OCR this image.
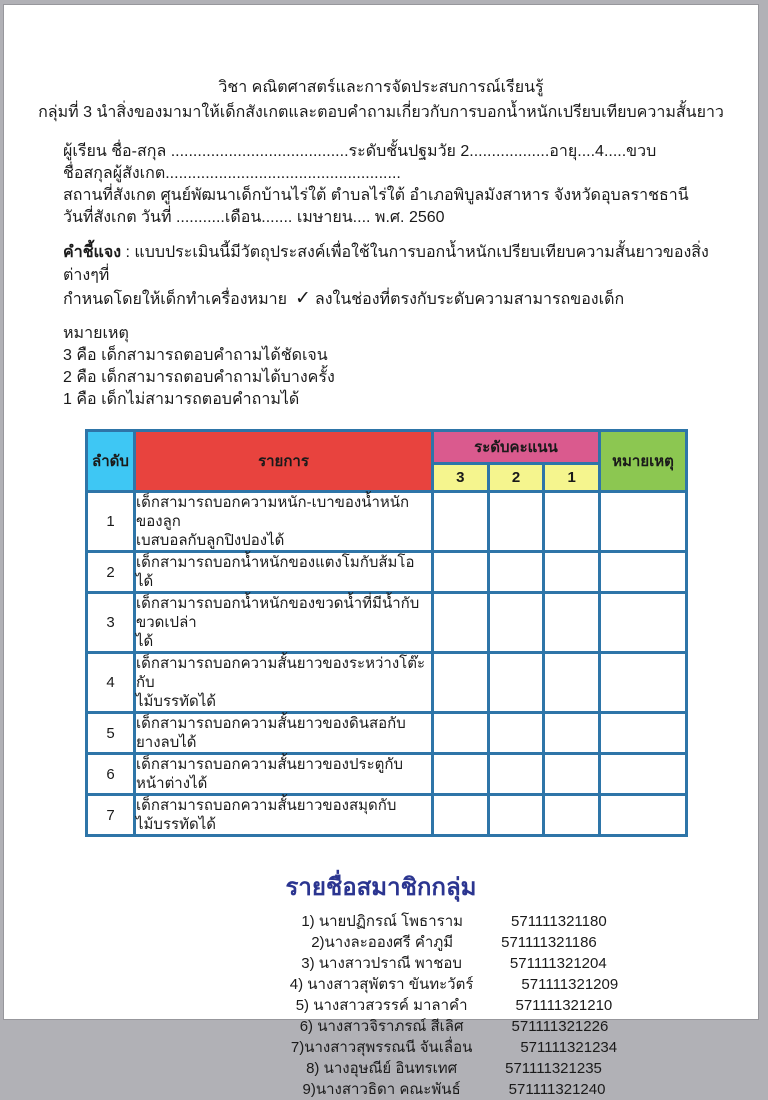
วิชา คณิตศาสตร์และการจัดประสบการณ์เรียนรู้
กลุ่มที่ 3 นำสิ่งของมามาให้เด็กสังเกตและตอบคำถามเกี่ยวกับการบอกน้ำหนักเปรียบเทียบความสั้นยาว
ผู้เรียน ชื่อ-สกุล ........................................ระดับชั้นปฐมวัย 2..................อายุ....4.....ขวบ
ชื่อสกุลผู้สังเกต.....................................................
สถานที่สังเกต ศูนย์พัฒนาเด็กบ้านไร่ใต้ ตำบลไร่ใต้ อำเภอพิบูลมังสาหาร จังหวัดอุบลราชธานี
วันที่สังเกต วันที่ ...........เดือน....... เมษายน.... พ.ศ. 2560
คำชี้แจง : แบบประเมินนี้มีวัตถุประสงค์เพื่อใช้ในการบอกน้ำหนักเปรียบเทียบความสั้นยาวของสิ่งต่างๆที่
กำหนดโดยให้เด็กทำเครื่องหมาย ✓ ลงในช่องที่ตรงกับระดับความสามารถของเด็ก
หมายเหตุ
3 คือ เด็กสามารถตอบคำถามได้ชัดเจน
2 คือ เด็กสามารถตอบคำถามได้บางครั้ง
1 คือ เด็กไม่สามารถตอบคำถามได้
ลำดับ	รายการ	ระดับคะแนน			หมายเหตุ
		3	2	1	
1	เด็กสามารถบอกความหนัก-เบาของน้ำหนักของลูก
เบสบอลกับลูกปิงปองได้				

2	เด็กสามารถบอกน้ำหนักของแตงโมกับส้มโอได้				

3	เด็กสามารถบอกน้ำหนักของขวดน้ำที่มีน้ำกับขวดเปล่า
ได้				

4	เด็กสามารถบอกความสั้นยาวของระหว่างโต๊ะกับ
ไม้บรรทัดได้				

5	เด็กสามารถบอกความสั้นยาวของดินสอกับยางลบได้				

6	เด็กสามารถบอกความสั้นยาวของประตูกับหน้าต่างได้				

7	เด็กสามารถบอกความสั้นยาวของสมุดกับไม้บรรทัดได้				

รายชื่อสมาชิกกลุ่ม
1) นายปฏิกรณ์ โพธาราม	571111321180
2)นางละอองศรี คำภูมี	571111321186
3) นางสาวปราณี พาชอบ	571111321204
4) นางสาวสุพัตรา ขันทะวัตร์	571111321209
5) นางสาวสวรรค์ มาลาคำ	571111321210
6) นางสาวจิราภรณ์ สีเลิศ	571111321226
7)นางสาวสุพรรณนี จันเลื่อน	571111321234
8) นางอุษณีย์ อินทรเทศ	571111321235
9)นางสาวธิดา คณะพันธ์	571111321240
